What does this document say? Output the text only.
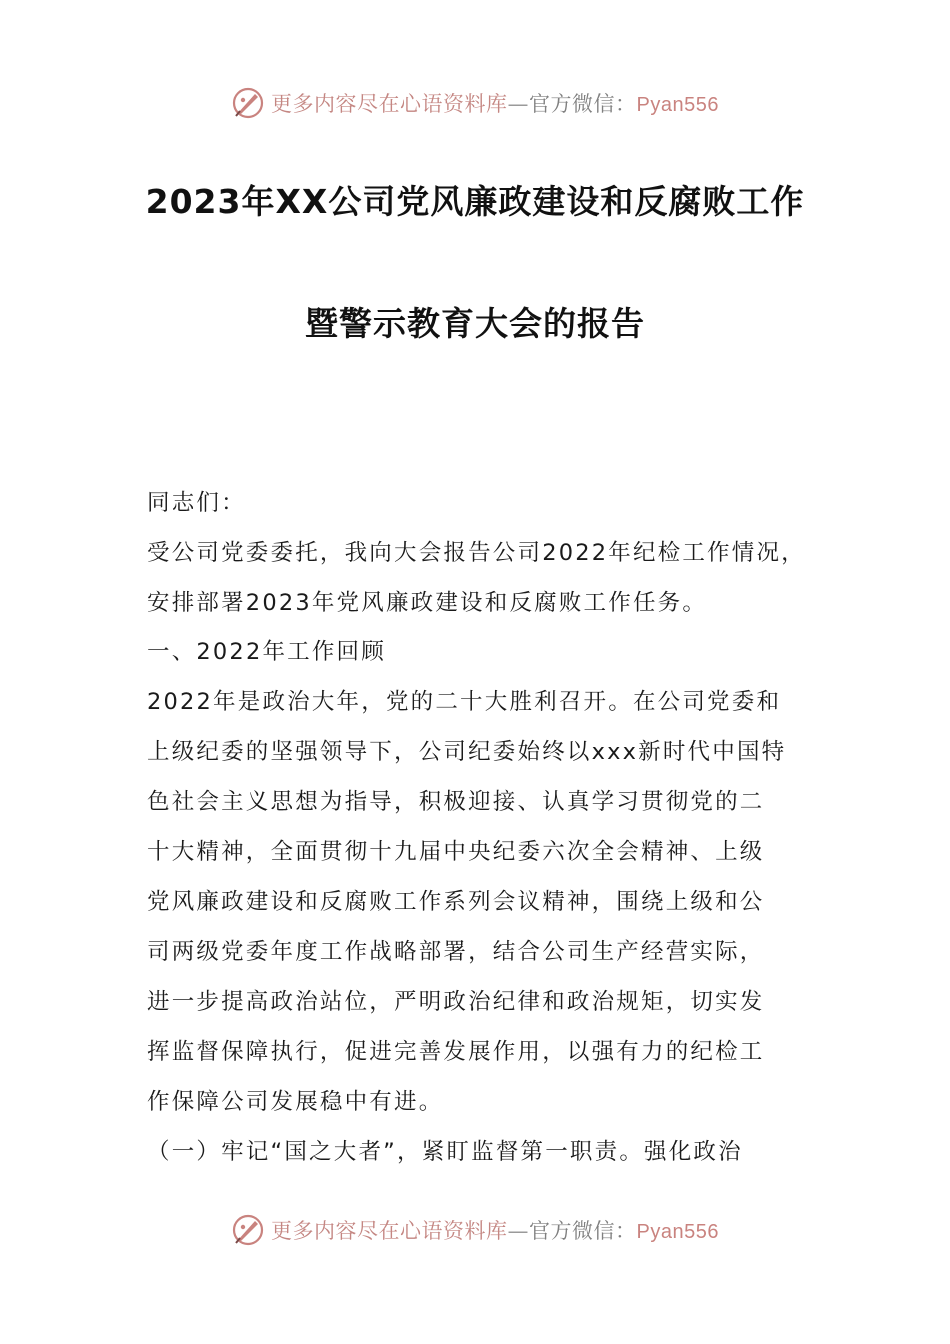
更多内容尽在心语资料库—官方微信：Pyan556
2023年XX公司党风廉政建设和反腐败工作
暨警示教育大会的报告
同志们：
受公司党委委托，我向大会报告公司2022年纪检工作情况，
安排部署2023年党风廉政建设和反腐败工作任务。
一、2022年工作回顾
2022年是政治大年，党的二十大胜利召开。在公司党委和
上级纪委的坚强领导下，公司纪委始终以xxx新时代中国特
色社会主义思想为指导，积极迎接、认真学习贯彻党的二
十大精神，全面贯彻十九届中央纪委六次全会精神、上级
党风廉政建设和反腐败工作系列会议精神，围绕上级和公
司两级党委年度工作战略部署，结合公司生产经营实际，
进一步提高政治站位，严明政治纪律和政治规矩，切实发
挥监督保障执行，促进完善发展作用，以强有力的纪检工
作保障公司发展稳中有进。
（一）牢记“国之大者”，紧盯监督第一职责。强化政治
更多内容尽在心语资料库—官方微信：Pyan556
